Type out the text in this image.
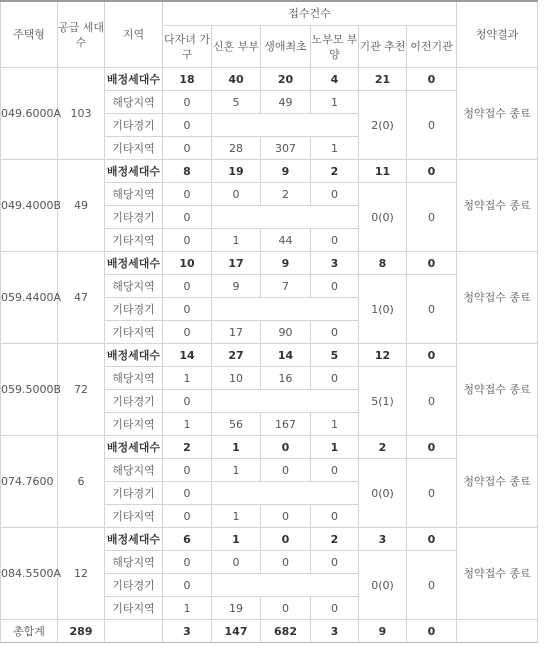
주택형	공급 세대수	지역	접수건수						청약결과
			다자녀 가구	신혼 부부	생애최초	노부모 부양	기관 추천	이전기관	
049.6000A	103	배정세대수	18	40	20	4	21	0	청약접수 종료
		해당지역	0	5	49	1	2(0)	0	
		기타경기	0						
		기타지역	0	28	307	1			
049.4000B	49	배정세대수	8	19	9	2	11	0	청약접수 종료
		해당지역	0	0	2	0	0(0)	0	
		기타경기	0						
		기타지역	0	1	44	0			
059.4400A	47	배정세대수	10	17	9	3	8	0	청약접수 종료
		해당지역	0	9	7	0	1(0)	0	
		기타경기	0						
		기타지역	0	17	90	0			
059.5000B	72	배정세대수	14	27	14	5	12	0	청약접수 종료
		해당지역	1	10	16	0	5(1)	0	
		기타경기	0						
		기타지역	1	56	167	1			
074.7600	6	배정세대수	2	1	0	1	2	0	청약접수 종료
		해당지역	0	1	0	0	0(0)	0	
		기타경기	0						
		기타지역	0	1	0	0			
084.5500A	12	배정세대수	6	1	0	2	3	0	청약접수 종료
		해당지역	0	0	0	0	0(0)	0	
		기타경기	0						
		기타지역	1	19	0	0			
총합계	289		3	147	682	3	9	0	
